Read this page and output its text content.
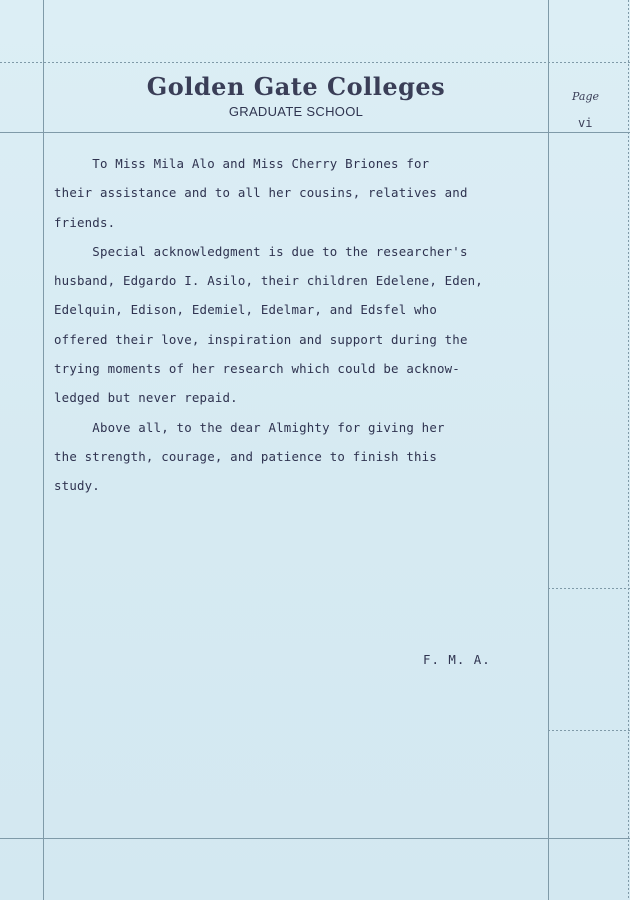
Golden Gate Colleges
GRADUATE SCHOOL
Page
vi
To Miss Mila Alo and Miss Cherry Briones for
their assistance and to all her cousins, relatives and
friends.
Special acknowledgment is due to the researcher's
husband, Edgardo I. Asilo, their children Edelene, Eden,
Edelquin, Edison, Edemiel, Edelmar, and Edsfel who
offered their love, inspiration and support during the
trying moments of her research which could be acknow-
ledged but never repaid.
Above all, to the dear Almighty for giving her
the strength, courage, and patience to finish this
study.
F. M. A.
